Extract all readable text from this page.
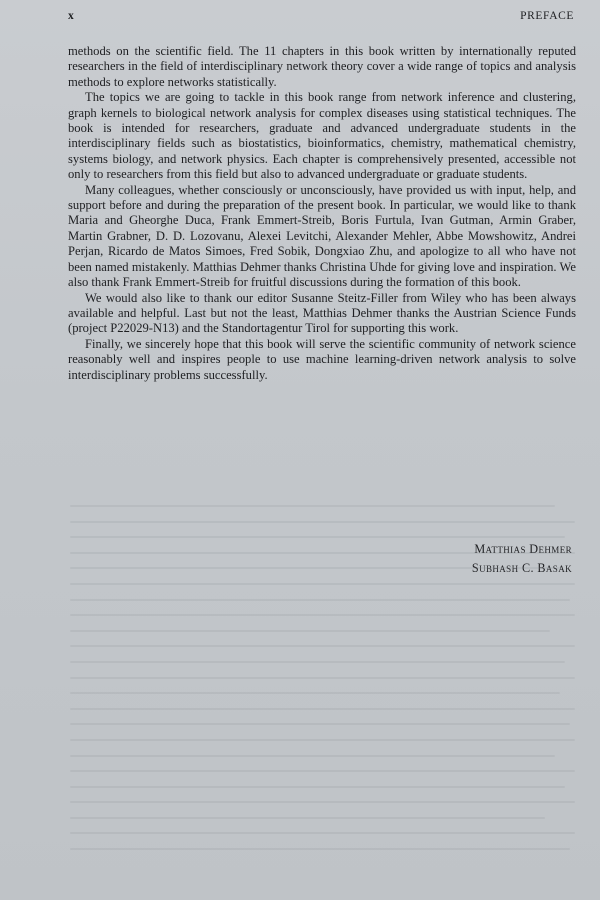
x	PREFACE

methods on the scientific field. The 11 chapters in this book written by internationally reputed researchers in the field of interdisciplinary network theory cover a wide range of topics and analysis methods to explore networks statistically.

The topics we are going to tackle in this book range from network inference and clustering, graph kernels to biological network analysis for complex diseases using statistical techniques. The book is intended for researchers, graduate and advanced undergraduate students in the interdisciplinary fields such as biostatistics, bioinformatics, chemistry, mathematical chemistry, systems biology, and network physics. Each chapter is comprehensively presented, accessible not only to researchers from this field but also to advanced undergraduate or graduate students.

Many colleagues, whether consciously or unconsciously, have provided us with input, help, and support before and during the preparation of the present book. In particular, we would like to thank Maria and Gheorghe Duca, Frank Emmert-Streib, Boris Furtula, Ivan Gutman, Armin Graber, Martin Grabner, D. D. Lozovanu, Alexei Levitchi, Alexander Mehler, Abbe Mowshowitz, Andrei Perjan, Ricardo de Matos Simoes, Fred Sobik, Dongxiao Zhu, and apologize to all who have not been named mistakenly. Matthias Dehmer thanks Christina Uhde for giving love and inspiration. We also thank Frank Emmert-Streib for fruitful discussions during the formation of this book.

We would also like to thank our editor Susanne Steitz-Filler from Wiley who has been always available and helpful. Last but not the least, Matthias Dehmer thanks the Austrian Science Funds (project P22029-N13) and the Standortagentur Tirol for supporting this work.

Finally, we sincerely hope that this book will serve the scientific community of network science reasonably well and inspires people to use machine learning-driven network analysis to solve interdisciplinary problems successfully.

Matthias Dehmer
Subhash C. Basak
